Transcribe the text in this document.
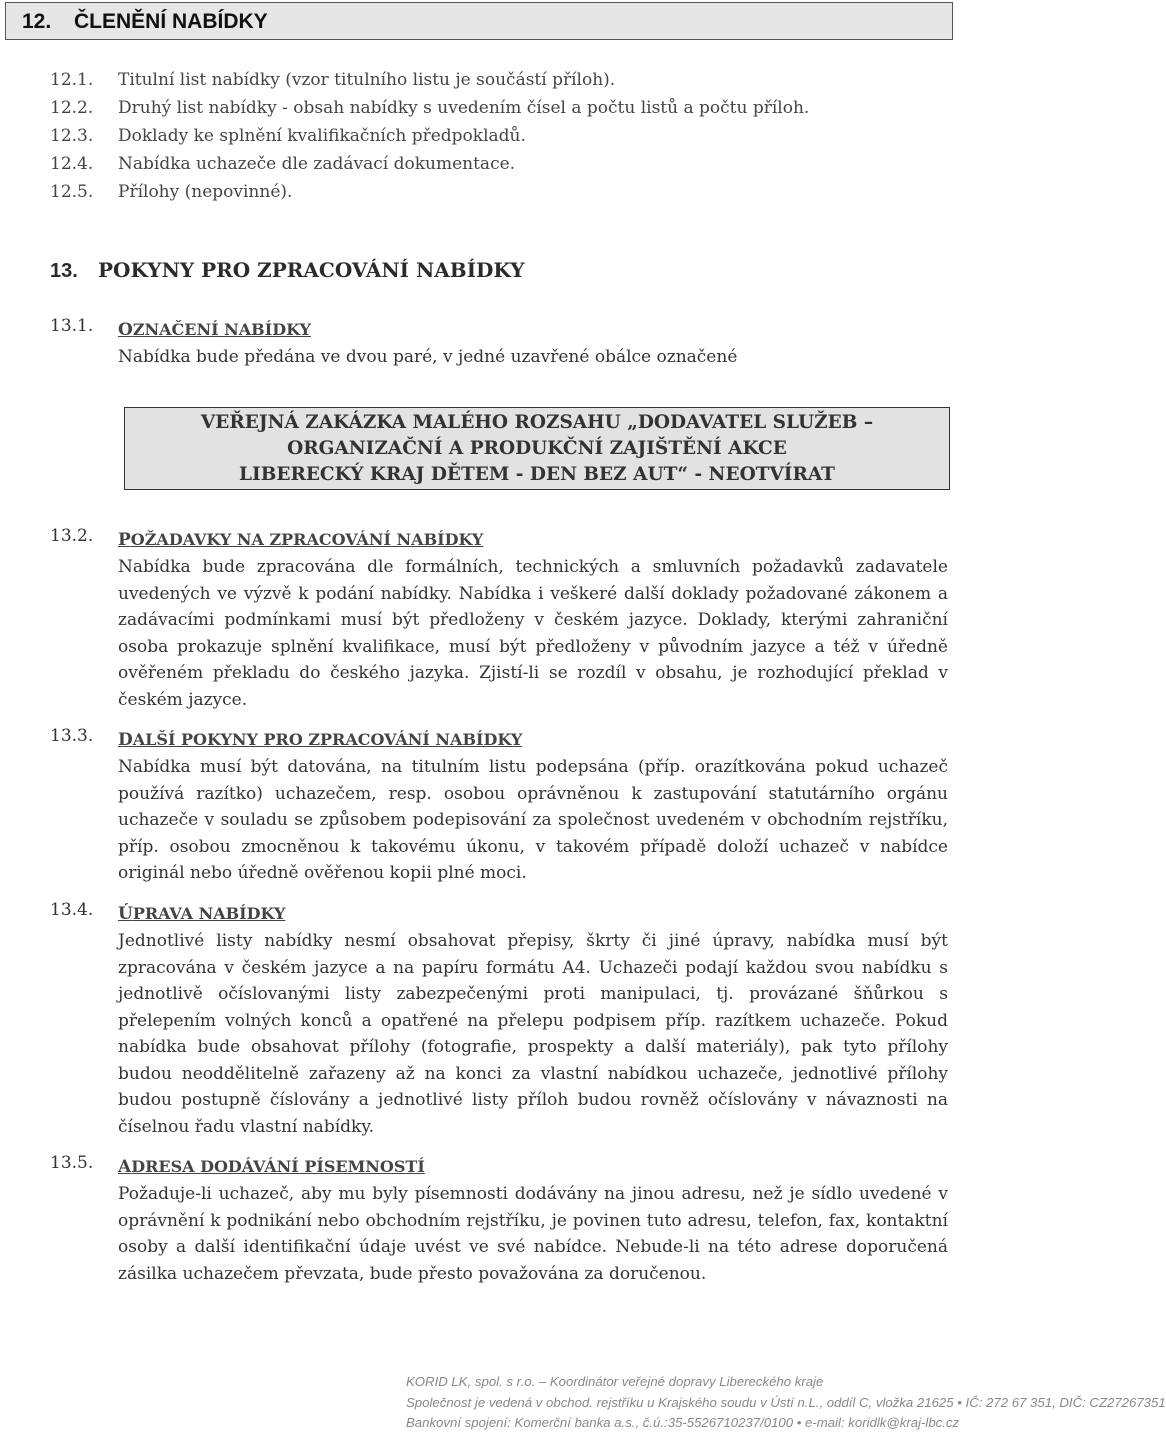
12. ČLENĚNÍ NABÍDKY
12.1. Titulní list nabídky (vzor titulního listu je součástí příloh).
12.2. Druhý list nabídky - obsah nabídky s uvedením čísel a počtu listů a počtu příloh.
12.3. Doklady ke splnění kvalifikačních předpokladů.
12.4. Nabídka uchazeče dle zadávací dokumentace.
12.5. Přílohy (nepovinné).
13. POKYNY PRO ZPRACOVÁNÍ NABÍDKY
13.1. OZNAČENÍ NABÍDKY
Nabídka bude předána ve dvou paré, v jedné uzavřené obálce označené
VEŘEJNÁ ZAKÁZKA MALÉHO ROZSAHU „DODAVATEL SLUŽEB –
ORGANIZAČNÍ A PRODUKČNÍ ZAJIŠTĚNÍ AKCE
LIBERECKÝ KRAJ DĚTEM - DEN BEZ AUT“ - NEOTVÍRAT
13.2. POŽADAVKY NA ZPRACOVÁNÍ NABÍDKY
Nabídka bude zpracována dle formálních, technických a smluvních požadavků zadavatele uvedených ve výzvě k podání nabídky. Nabídka i veškeré další doklady požadované zákonem a zadávacími podmínkami musí být předloženy v českém jazyce. Doklady, kterými zahraniční osoba prokazuje splnění kvalifikace, musí být předloženy v původním jazyce a též v úředně ověřeném překladu do českého jazyka. Zjistí-li se rozdíl v obsahu, je rozhodující překlad v českém jazyce.
13.3. DALŠÍ POKYNY PRO ZPRACOVÁNÍ NABÍDKY
Nabídka musí být datována, na titulním listu podepsána (příp. orazítkována pokud uchazeč používá razítko) uchazečem, resp. osobou oprávněnou k zastupování statutárního orgánu uchazeče v souladu se způsobem podepisování za společnost uvedeném v obchodním rejstříku, příp. osobou zmocněnou k takovému úkonu, v takovém případě doloží uchazeč v nabídce originál nebo úředně ověřenou kopii plné moci.
13.4. ÚPRAVA NABÍDKY
Jednotlivé listy nabídky nesmí obsahovat přepisy, škrty či jiné úpravy, nabídka musí být zpracována v českém jazyce a na papíru formátu A4. Uchazeči podají každou svou nabídku s jednotlivě očíslovanými listy zabezpečenými proti manipulaci, tj. provázané šňůrkou s přelepením volných konců a opatřené na přelepu podpisem příp. razítkem uchazeče. Pokud nabídka bude obsahovat přílohy (fotografie, prospekty a další materiály), pak tyto přílohy budou neoddělitelně zařazeny až na konci za vlastní nabídkou uchazeče, jednotlivé přílohy budou postupně číslovány a jednotlivé listy příloh budou rovněž očíslovány v návaznosti na číselnou řadu vlastní nabídky.
13.5. ADRESA DODÁVÁNÍ PÍSEMNOSTÍ
Požaduje-li uchazeč, aby mu byly písemnosti dodávány na jinou adresu, než je sídlo uvedené v oprávnění k podnikání nebo obchodním rejstříku, je povinen tuto adresu, telefon, fax, kontaktní osoby a další identifikační údaje uvést ve své nabídce. Nebude-li na této adrese doporučená zásilka uchazečem převzata, bude přesto považována za doručenou.
KORID LK, spol. s r.o. – Koordinátor veřejné dopravy Libereckého kraje
Společnost je vedená v obchod. rejstříku u Krajského soudu v Ústí n.L., oddíl C, vložka 21625 • IČ: 272 67 351, DIČ: CZ27267351
Bankovní spojení: Komerční banka a.s., č.ú.:35-5526710237/0100 • e-mail: koridlk@kraj-lbc.cz
